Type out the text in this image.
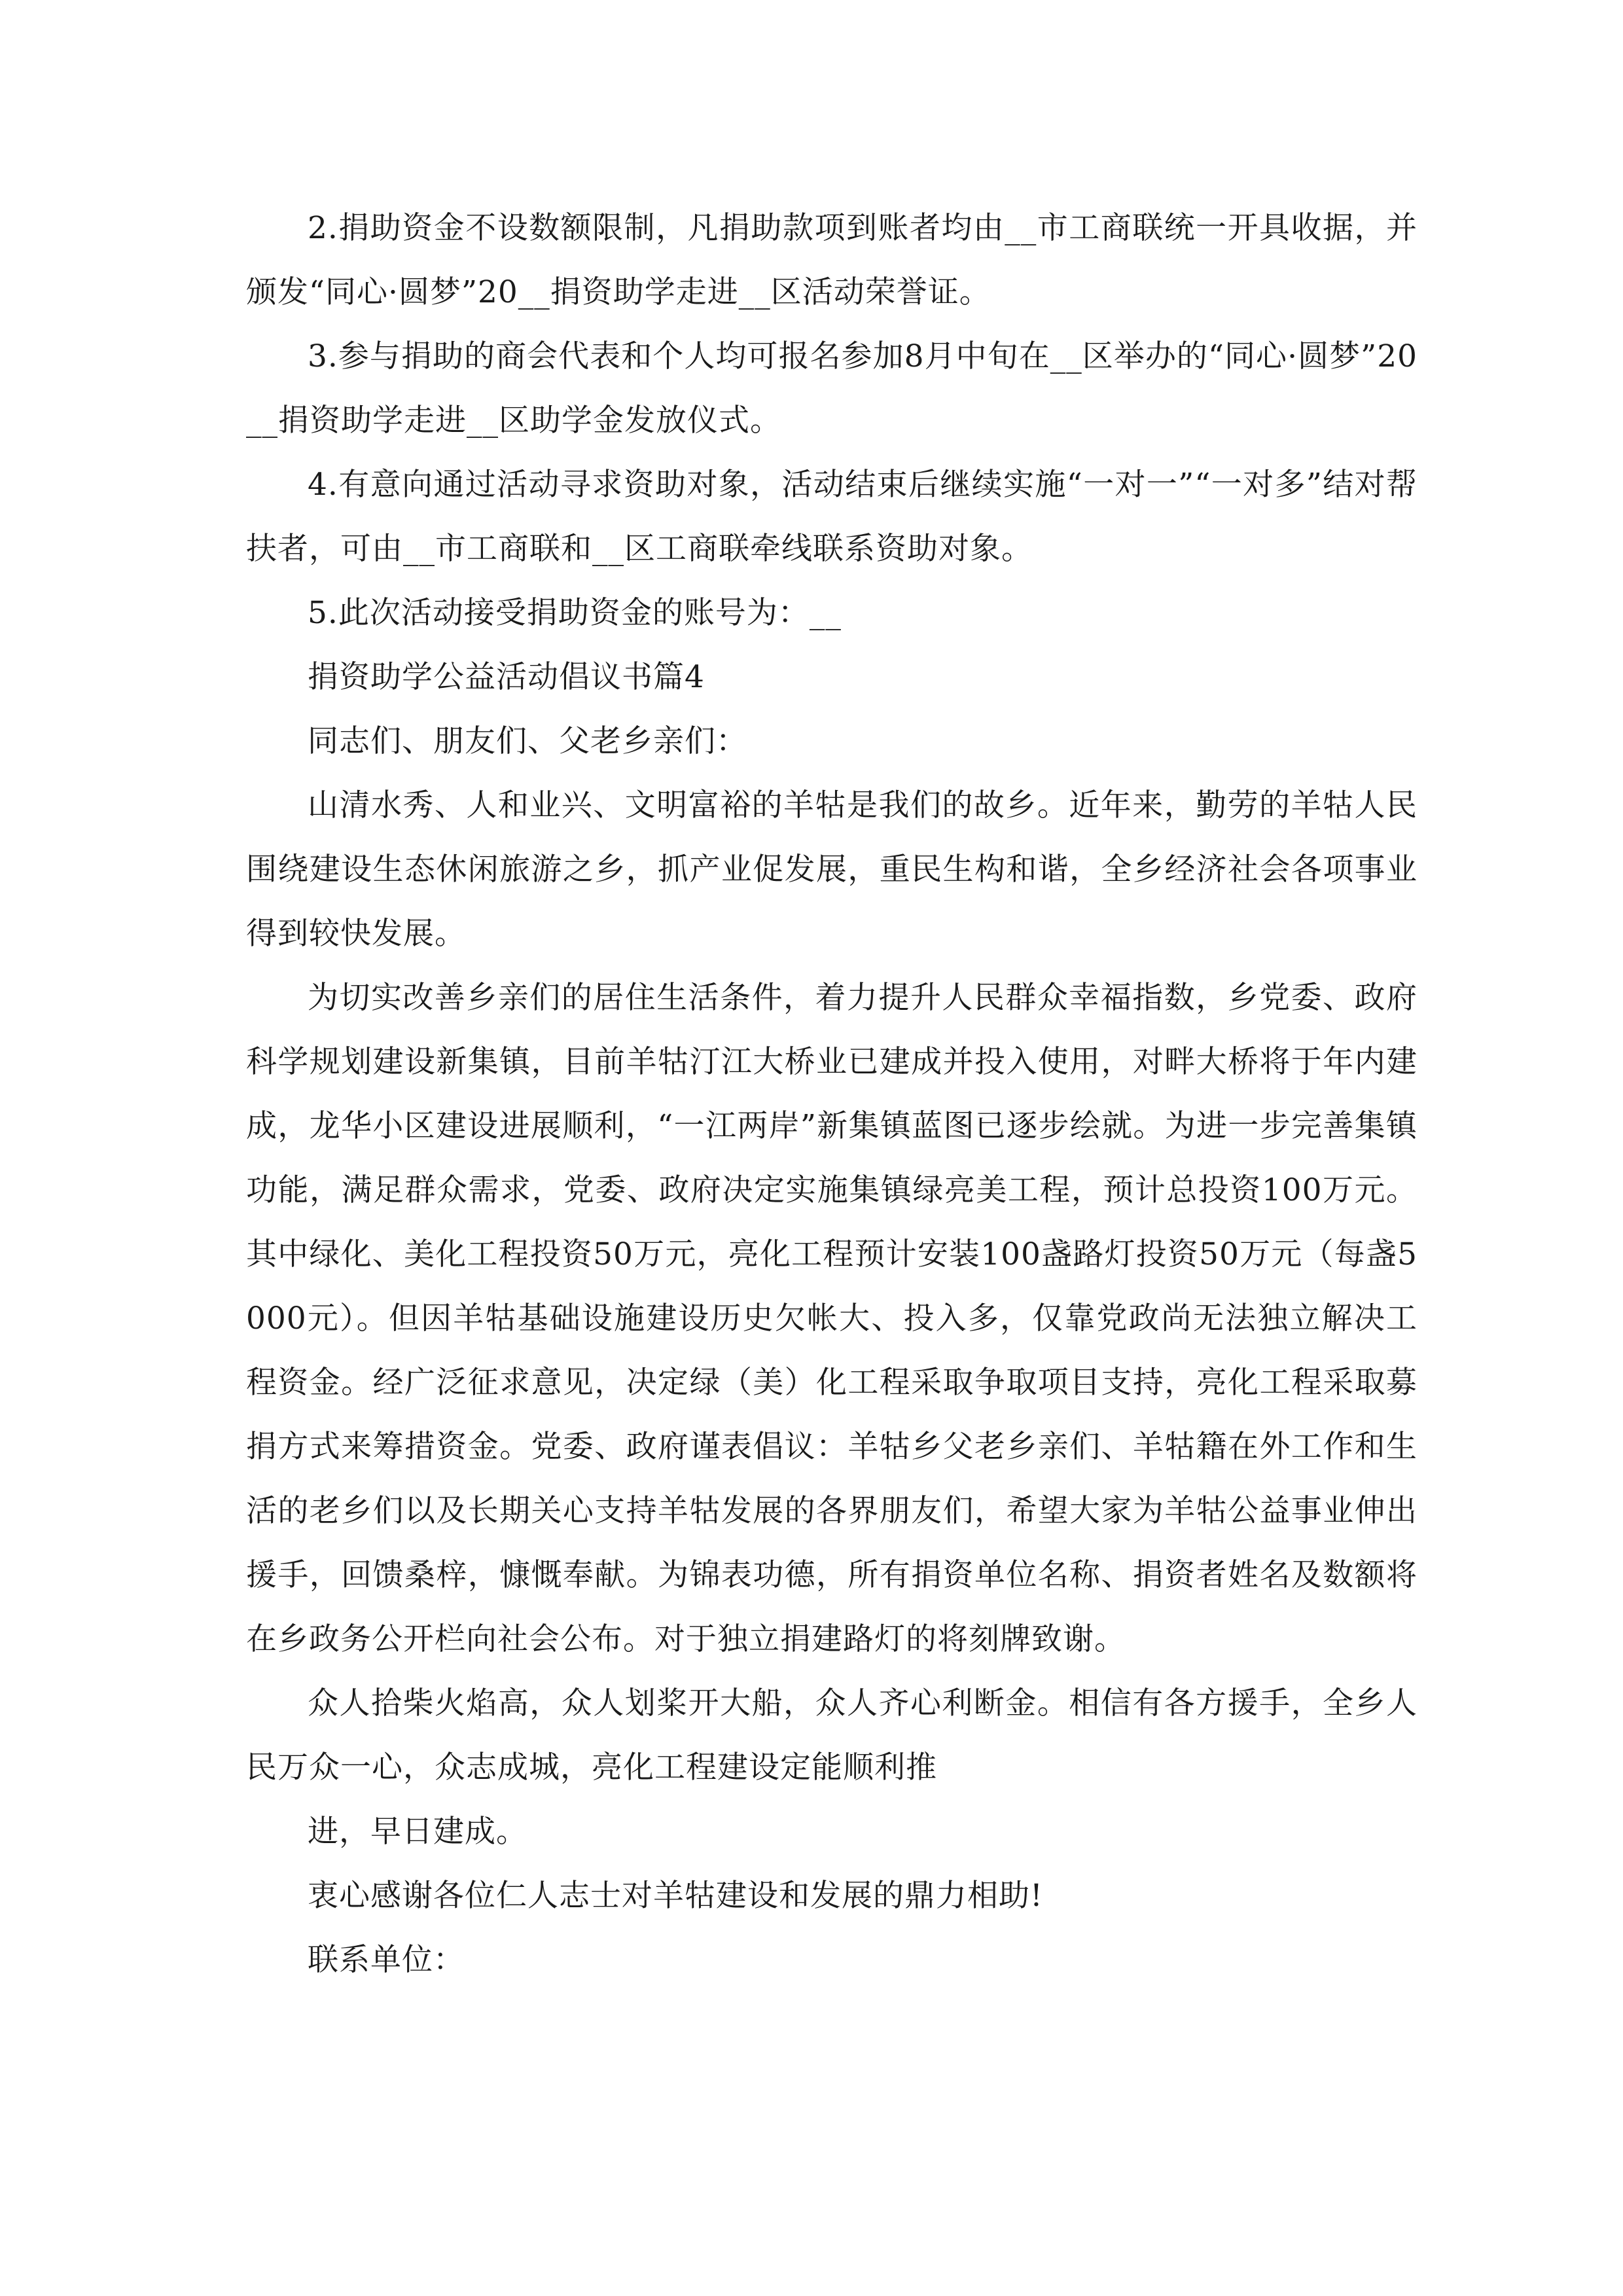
2.捐助资金不设数额限制，凡捐助款项到账者均由__市工商联统一开具收据，并颁发“同心·圆梦”20__捐资助学走进__区活动荣誉证。

3.参与捐助的商会代表和个人均可报名参加8月中旬在__区举办的“同心·圆梦”20__捐资助学走进__区助学金发放仪式。

4.有意向通过活动寻求资助对象，活动结束后继续实施“一对一”“一对多”结对帮扶者，可由__市工商联和__区工商联牵线联系资助对象。

5.此次活动接受捐助资金的账号为：__

捐资助学公益活动倡议书篇4

同志们、朋友们、父老乡亲们：

山清水秀、人和业兴、文明富裕的羊牯是我们的故乡。近年来，勤劳的羊牯人民围绕建设生态休闲旅游之乡，抓产业促发展，重民生构和谐，全乡经济社会各项事业得到较快发展。

为切实改善乡亲们的居住生活条件，着力提升人民群众幸福指数，乡党委、政府科学规划建设新集镇，目前羊牯汀江大桥业已建成并投入使用，对畔大桥将于年内建成，龙华小区建设进展顺利，“一江两岸”新集镇蓝图已逐步绘就。为进一步完善集镇功能，满足群众需求，党委、政府决定实施集镇绿亮美工程，预计总投资100万元。其中绿化、美化工程投资50万元，亮化工程预计安装100盏路灯投资50万元（每盏5000元）。但因羊牯基础设施建设历史欠帐大、投入多，仅靠党政尚无法独立解决工程资金。经广泛征求意见，决定绿（美）化工程采取争取项目支持，亮化工程采取募捐方式来筹措资金。党委、政府谨表倡议：羊牯乡父老乡亲们、羊牯籍在外工作和生活的老乡们以及长期关心支持羊牯发展的各界朋友们，希望大家为羊牯公益事业伸出援手，回馈桑梓，慷慨奉献。为锦表功德，所有捐资单位名称、捐资者姓名及数额将在乡政务公开栏向社会公布。对于独立捐建路灯的将刻牌致谢。

众人拾柴火焰高，众人划桨开大船，众人齐心利断金。相信有各方援手，全乡人民万众一心，众志成城，亮化工程建设定能顺利推

进，早日建成。

衷心感谢各位仁人志士对羊牯建设和发展的鼎力相助!

联系单位：
